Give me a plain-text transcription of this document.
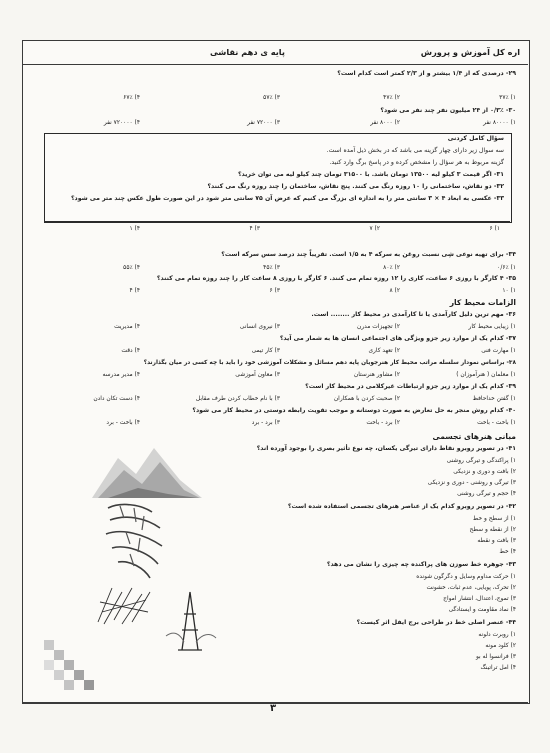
اره کل آموزش و پرورش
پایه ی دهم نقاشی
۲۹- درصدی که از ۱/۴ بیشتر و از ۲/۳ کمتر است کدام است؟
۱) ۳۷٪
۲) ۴۷٪
۳) ۵۷٪
۴) ۶۷٪
۳۰- ۰/۳٪ از ۲۴ میلیون نفر چند نفر می شود؟
۱) ۸۰۰۰۰ نفر
۲) ۸۰۰۰ نفر
۳) ۷۲۰۰۰ نفر
۴) ۷۲۰۰۰۰ نفر
سؤال کامل کردنی
سه سوال زیر دارای چهار گزینه می باشد که در بخش ذیل آمده است.
گزینه مربوط به هر سؤال را مشخص کرده و در پاسخ برگ وارد کنید.
۳۱- اگر قیمت ۳ کیلو لیه ۱۳۵۰۰ تومان باشد. با ۳۱۵۰۰ تومان چند کیلو لیه می توان خرید؟
۳۲- دو نقاش، ساختمانی را ۱۰ روزه رنگ می کنند. پنج نقاش، ساختمان را چند روزه رنگ می کنند؟
۳۳- عکسی به ابعاد ۴ × ۳ سانتی متر را به اندازه ای بزرگ می کنیم که عرض آن ۷۵ سانتی متر شود در این صورت طول عکس چند متر می شود؟
۱) ۶
۲) ۷
۳) ۴
۴) ۱
۳۴- برای تهیه نوعی شِی نسبت روغن به سرکه ۴ به ۱/۵ است. تقریباً چند درصد سس سرکه است؟
۱) ۰/۶٪
۲) ۸۰٪
۳) ۴۵٪
۴) ۵۵٪
۳۵- ۴ کارگر با روزی ۶ ساعت، کاری را ۱۲ روزه تمام می کنند. ۶ کارگر با روزی ۸ ساعت کار را چند روزه تمام می کنند؟
۱) ۱۰
۲) ۸
۳) ۶
۴) ۴
الزامات محیط کار
۳۶- مهم ترین دلیل کارآمدی یا نا کارآمدی در محیط کار ........ است.
۱) زیبایی محیط کار
۲) تجهیزات مدرن
۳) نیروی انسانی
۴) مدیریت
۳۷- کدام یک از موارد زیر جزو ویژگی های اجتماعی انسان ها به شمار می آید؟
۱) مهارت فنی
۲) تعهد کاری
۳) کار تیمی
۴) دقت
۳۸- براساس نمودار سلسله مراتب محیط کار هنرجویان پایه دهم مسائل و مشکلات آموزشی خود را باید با چه کسی در میان بگذارند؟
۱) معلمان ( هنرآموزان )
۲) مشاور هنرستان
۳) معاون آموزشی
۴) مدیر مدرسه
۳۹- کدام یک از موارد زیر جزو ارتباطات غیرکلامی در محیط کار است؟
۱) گفتن خداحافظ
۲) صحبت کردن با همکاران
۳) با نام خطاب کردن طرف مقابل
۴) دست تکان دادن
۴۰- کدام روش منجر به حل تعارض به صورت دوستانه و موجب تقویت رابطه دوستی در محیط کار می شود؟
۱) باخت - باخت
۲) برد - باخت
۳) برد - برد
۴) باخت - برد
مبانی هنرهای تجسمی
۴۱- در تصویر روبرو نقاط دارای تیرگی یکسان، چه نوع تأثیر بصری را بوجود آورده اند؟
۱) پراکندگی و تیرگی روشنی
۲) بافت و دوری و نزدیکی
۳) تیرگی و روشنی - دوری و نزدیکی
۴) حجم و تیرگی روشنی
۴۲- در تصویر روبرو کدام یک از عناصر هنرهای تجسمی استفاده شده است؟
۱) از سطح و خط
۲) از نقطه و سطح
۳) بافت و نقطه
۴) خط
۴۳- جوهره خط سوزن های پراکنده چه چیزی را نشان می دهد؟
۱) حرکت مداوم وسایل و دگرگون شونده
۲) تحرک، پویایی، عدم ثبات، خشونت
۳) تموج، اعتدال، انتشار امواج
۴) نماد مقاومت و ایستادگی
۴۴- عنصر اصلی خط در طراحی برج ایفل اثر کیست؟
۱) روبرت دلونه
۲) کلود مونه
۳) فرانسوا له بو
۴) امل تراتینگ
۳
